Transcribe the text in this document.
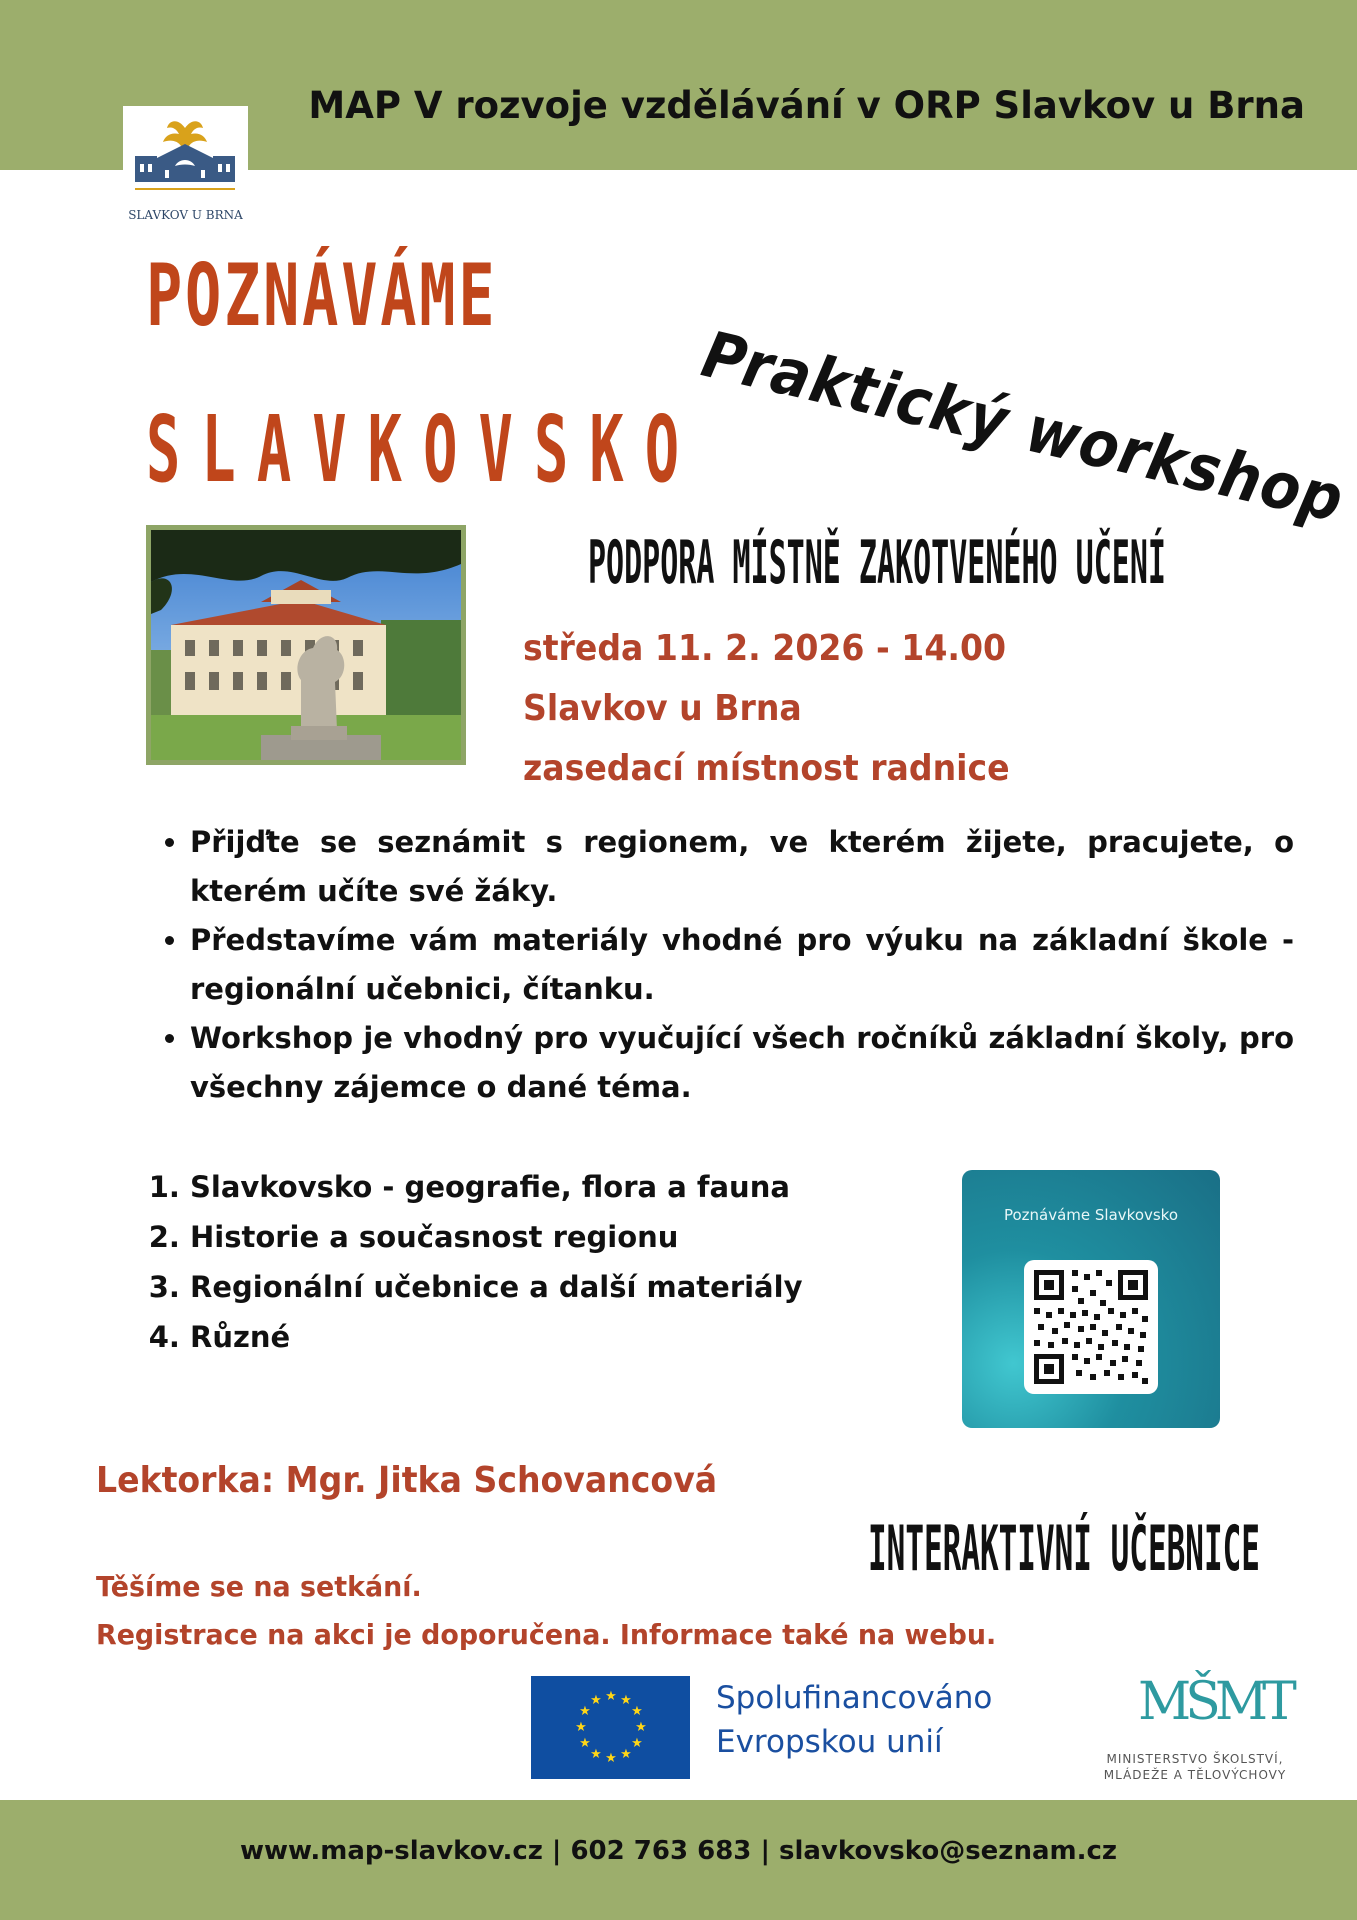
MAP V rozvoje vzdělávání v ORP Slavkov u Brna
SLAVKOV U BRNA
POZNÁVÁME
SLAVKOVSKO
Praktický workshop
PODPORA MÍSTNĚ ZAKOTVENÉHO UČENÍ
středa 11. 2. 2026 - 14.00
Slavkov u Brna
zasedací místnost radnice
• Přijďte se seznámit s regionem, ve kterém žijete, pracujete, o kterém učíte své žáky.
• Představíme vám materiály vhodné pro výuku na základní škole - regionální učebnici, čítanku.
• Workshop je vhodný pro vyučující všech ročníků základní školy, pro všechny zájemce o dané téma.
1. Slavkovsko - geografie, flora a fauna
2. Historie a současnost regionu
3. Regionální učebnice a další materiály
4. Různé
Poznáváme Slavkovsko
Lektorka: Mgr. Jitka Schovancová
INTERAKTIVNÍ UČEBNICE
Těšíme se na setkání.
Registrace na akci je doporučena. Informace také na webu.
★ ★
★
★
★
★
★
★
★
★
★
★	Spolufinancováno
Evropskou unií
MŠMT
MINISTERSTVO ŠKOLSTVÍ,
MLÁDEŽE A TĚLOVÝCHOVY
www.map-slavkov.cz | 602 763 683 | slavkovsko@seznam.cz
